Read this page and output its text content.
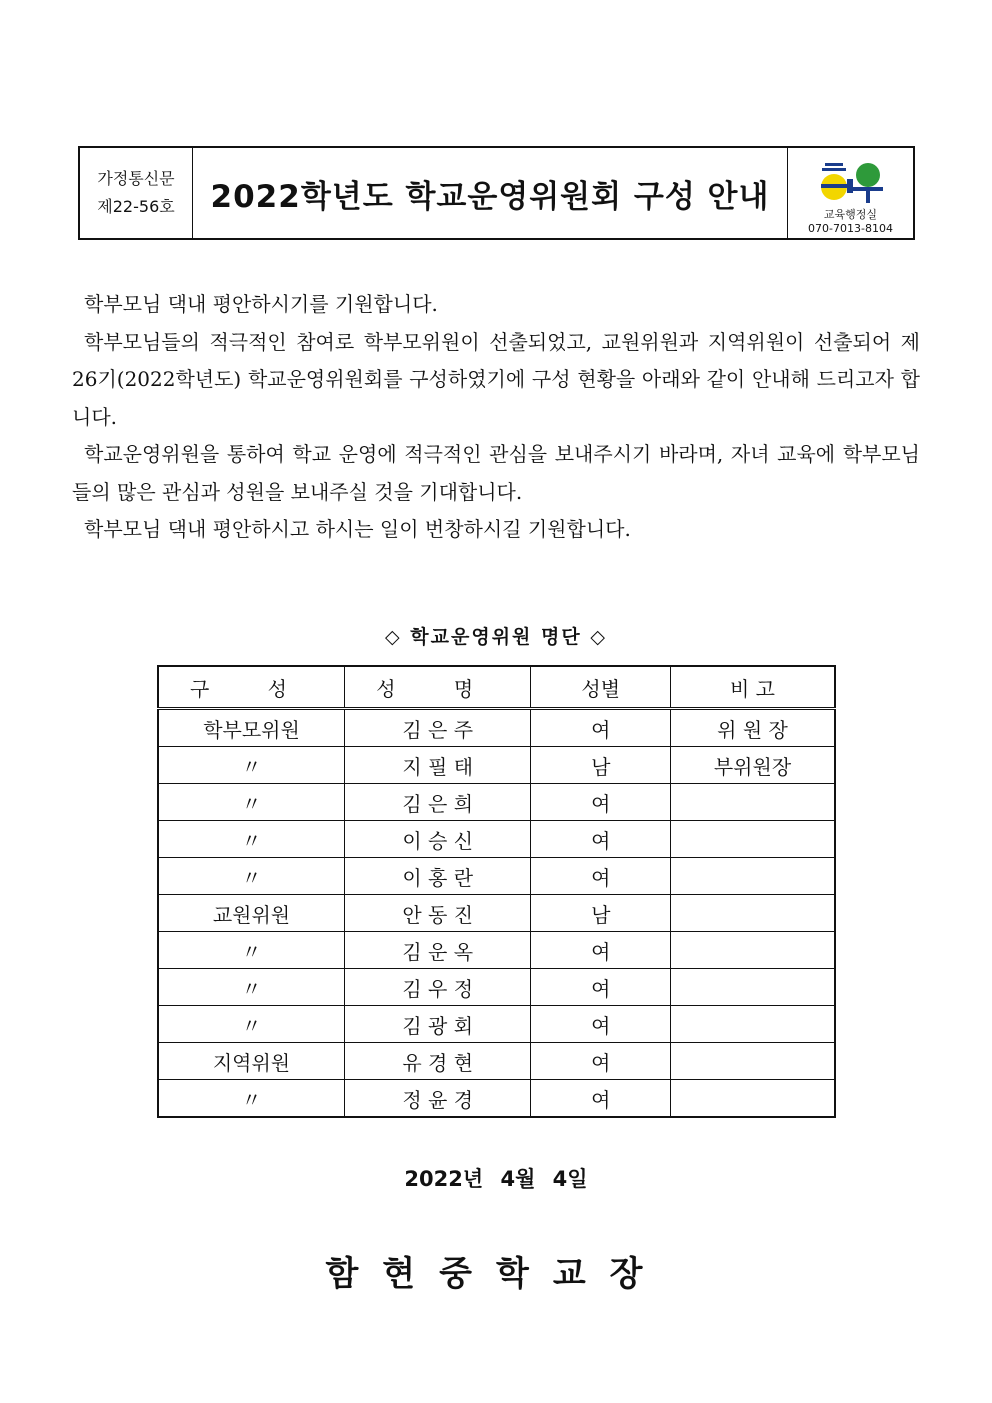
가정통신문
제22-56호 2022학년도 학교운영위원회 구성 안내	교육행정실
070-7013-8104

학부모님 댁내 평안하시기를 기원합니다.

학부모님들의 적극적인 참여로 학부모위원이 선출되었고, 교원위원과 지역위원이 선출되어 제26기(2022학년도) 학교운영위원회를 구성하였기에 구성 현황을 아래와 같이 안내해 드리고자 합니다.

학교운영위원을 통하여 학교 운영에 적극적인 관심을 보내주시기 바라며, 자녀 교육에 학부모님들의 많은 관심과 성원을 보내주실 것을 기대합니다.

학부모님 댁내 평안하시고 하시는 일이 번창하시길 기원합니다.

◇ 학교운영위원 명단 ◇
구 성	성 명	성별	비 고
학부모위원	김 은 주	여	위 원 장
〃	지 필 태	남	부위원장
〃	김 은 희	여	
〃	이 승 신	여	
〃	이 홍 란	여	
교원위원	안 동 진	남	
〃	김 운 옥	여	
〃	김 우 정	여	
〃	김 광 회	여	
지역위원	유 경 현	여	
〃	정 윤 경	여	
2022년 4월 4일
함현중학교장
